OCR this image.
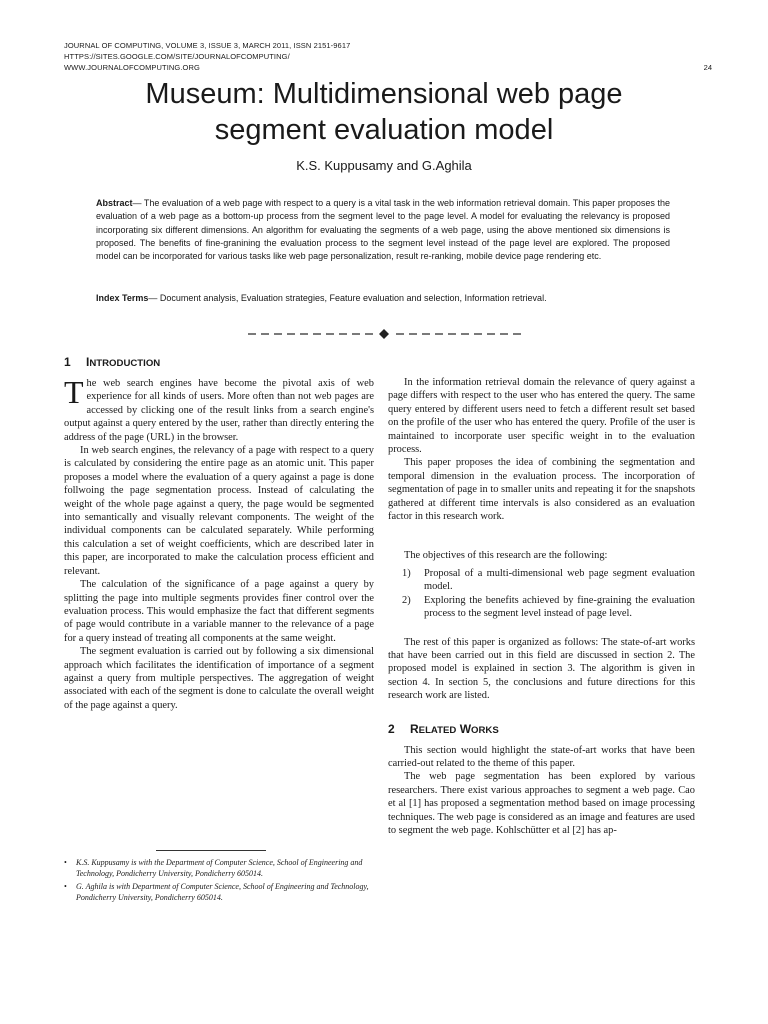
JOURNAL OF COMPUTING, VOLUME 3, ISSUE 3, MARCH 2011, ISSN 2151-9617
HTTPS://SITES.GOOGLE.COM/SITE/JOURNALOFCOMPUTING/
WWW.JOURNALOFCOMPUTING.ORG	24
Museum: Multidimensional web page
segment evaluation model
K.S. Kuppusamy and G.Aghila

Abstract— The evaluation of a web page with respect to a query is a vital task in the web information retrieval domain. This paper proposes the evaluation of a web page as a bottom-up process from the segment level to the page level. A model for evaluating the relevancy is proposed incorporating six different dimensions. An algorithm for evaluating the segments of a web page, using the above mentioned six dimensions is proposed. The benefits of fine-granining the evaluation process to the segment level instead of the page level are explored. The proposed model can be incorporated for various tasks like web page personalization, result re-ranking, mobile device page rendering etc.

Index Terms— Document analysis, Evaluation strategies, Feature evaluation and selection, Information retrieval.

1 INTRODUCTION
T he web search engines have become the pivotal axis of web experience for all kinds of users. More often than not web pages are accessed by clicking one of the result links from a search engine's output against a query entered by the user, rather than directly entering the address of the page (URL) in the browser.

In web search engines, the relevancy of a page with respect to a query is calculated by considering the entire page as an atomic unit. This paper proposes a model where the evaluation of a query against a page is done follwoing the page segmentation process. Instead of calculating the weight of the whole page against a query, the page would be segmented into semantically and visually relevant components. The weight of the individual components can be calculated separately. While performing this calculation a set of weight coefficients, which are described later in this paper, are incorporated to make the calculation process efficient and relevant.

The calculation of the significance of a page against a query by splitting the page into multiple segments provides finer control over the evaluation process. This would emphasize the fact that different segments of page would contribute in a variable manner to the relevance of a page for a query instead of treating all components at the same weight.

The segment evaluation is carried out by following a six dimensional approach which facilitates the identification of importance of a segment against a query from multiple perspectives. The aggregation of weight associated with each of the segment is done to calculate the overall weight of the page against a query.

• K.S. Kuppusamy is with the Department of Computer Science, School of Engineering and Technology, Pondicherry University, Pondicherry 605014.
• G. Aghila is with Department of Computer Science, School of Engineering and Technology, Pondicherry University, Pondicherry 605014.

In the information retrieval domain the relevance of query against a page differs with respect to the user who has entered the query. The same query entered by different users need to fetch a different result set based on the profile of the user who has entered the query. Profile of the user is maintained to incorporate user specific weight in to the evaluation process.

This paper proposes the idea of combining the segmentation and temporal dimension in the evaluation process. The incorporation of segmentation of page in to smaller units and repeating it for the snapshots gathered at different time intervals is also considered as an evaluation factor in this research work.

The objectives of this research are the following:

1) Proposal of a multi-dimensional web page segment evaluation model.
2) Exploring the benefits achieved by fine-graining the evaluation process to the segment level instead of page level.

The rest of this paper is organized as follows: The state-of-art works that have been carried out in this field are discussed in section 2. The proposed model is explained in section 3. The algorithm is given in section 4. In section 5, the conclusions and future directions for this research work are listed.

2 RELATED WORKS

This section would highlight the state-of-art works that have been carried-out related to the theme of this paper.

The web page segmentation has been explored by various researchers. There exist various approaches to segment a web page. Cao et al [1] has proposed a segmentation method based on image processing techniques. The web page is considered as an image and features are used to segment the web page. Kohlschütter et al [2] has ap-
